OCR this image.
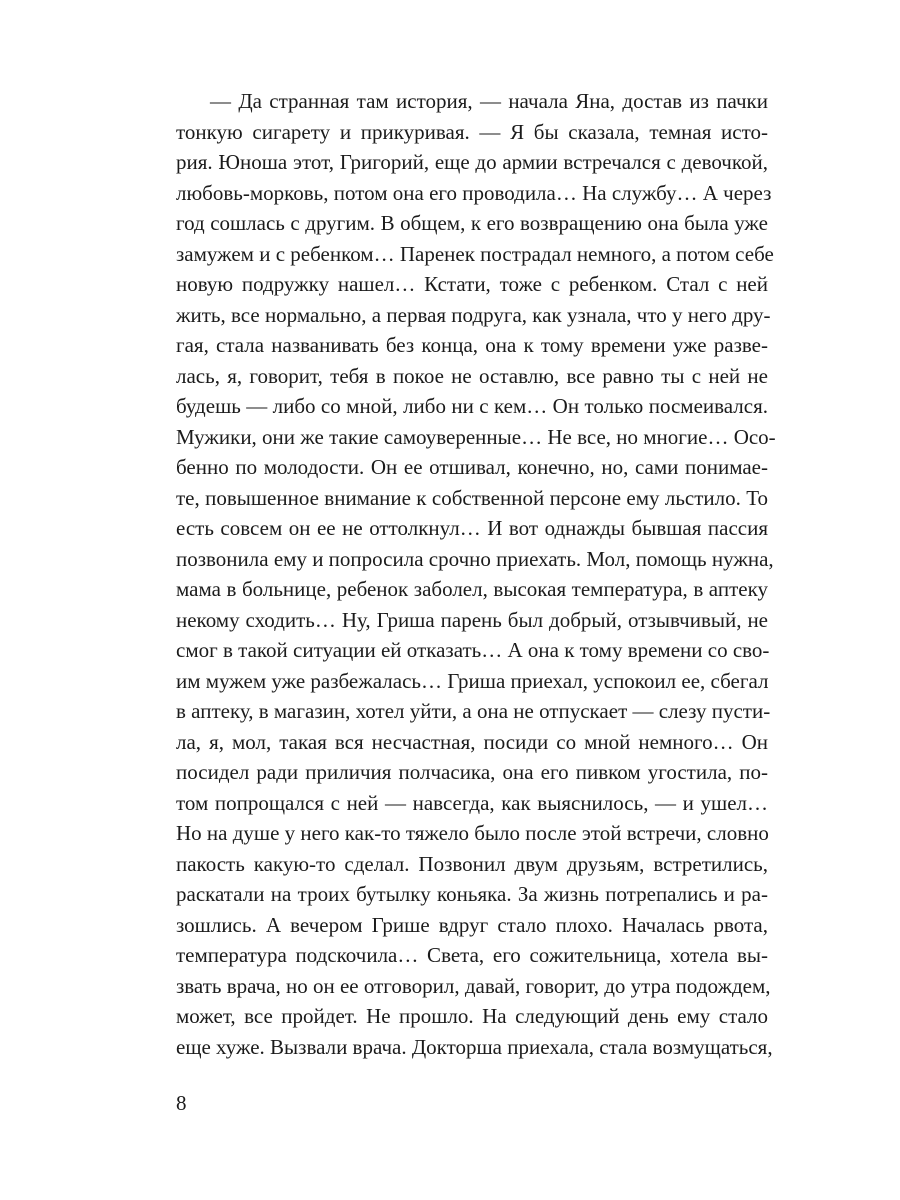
— Да странная там история, — начала Яна, достав из пачки
тонкую сигарету и прикуривая. — Я бы сказала, темная исто-
рия. Юноша этот, Григорий, еще до армии встречался с девочкой,
любовь-морковь, потом она его проводила… На службу… А через
год сошлась с другим. В общем, к его возвращению она была уже
замужем и с ребенком… Паренек пострадал немного, а потом себе
новую подружку нашел… Кстати, тоже с ребенком. Стал с ней
жить, все нормально, а первая подруга, как узнала, что у него дру-
гая, стала названивать без конца, она к тому времени уже разве-
лась, я, говорит, тебя в покое не оставлю, все равно ты с ней не
будешь — либо со мной, либо ни с кем… Он только посмеивался.
Мужики, они же такие самоуверенные… Не все, но многие… Осо-
бенно по молодости. Он ее отшивал, конечно, но, сами понимае-
те, повышенное внимание к собственной персоне ему льстило. То
есть совсем он ее не оттолкнул… И вот однажды бывшая пассия
позвонила ему и попросила срочно приехать. Мол, помощь нужна,
мама в больнице, ребенок заболел, высокая температура, в аптеку
некому сходить… Ну, Гриша парень был добрый, отзывчивый, не
смог в такой ситуации ей отказать… А она к тому времени со сво-
им мужем уже разбежалась… Гриша приехал, успокоил ее, сбегал
в аптеку, в магазин, хотел уйти, а она не отпускает — слезу пусти-
ла, я, мол, такая вся несчастная, посиди со мной немного… Он
посидел ради приличия полчасика, она его пивком угостила, по-
том попрощался с ней — навсегда, как выяснилось, — и ушел…
Но на душе у него как-то тяжело было после этой встречи, словно
пакость какую-то сделал. Позвонил двум друзьям, встретились,
раскатали на троих бутылку коньяка. За жизнь потрепались и ра-
зошлись. А вечером Грише вдруг стало плохо. Началась рвота,
температура подскочила… Света, его сожительница, хотела вы-
звать врача, но он ее отговорил, давай, говорит, до утра подождем,
может, все пройдет. Не прошло. На следующий день ему стало
еще хуже. Вызвали врача. Докторша приехала, стала возмущаться,
8
